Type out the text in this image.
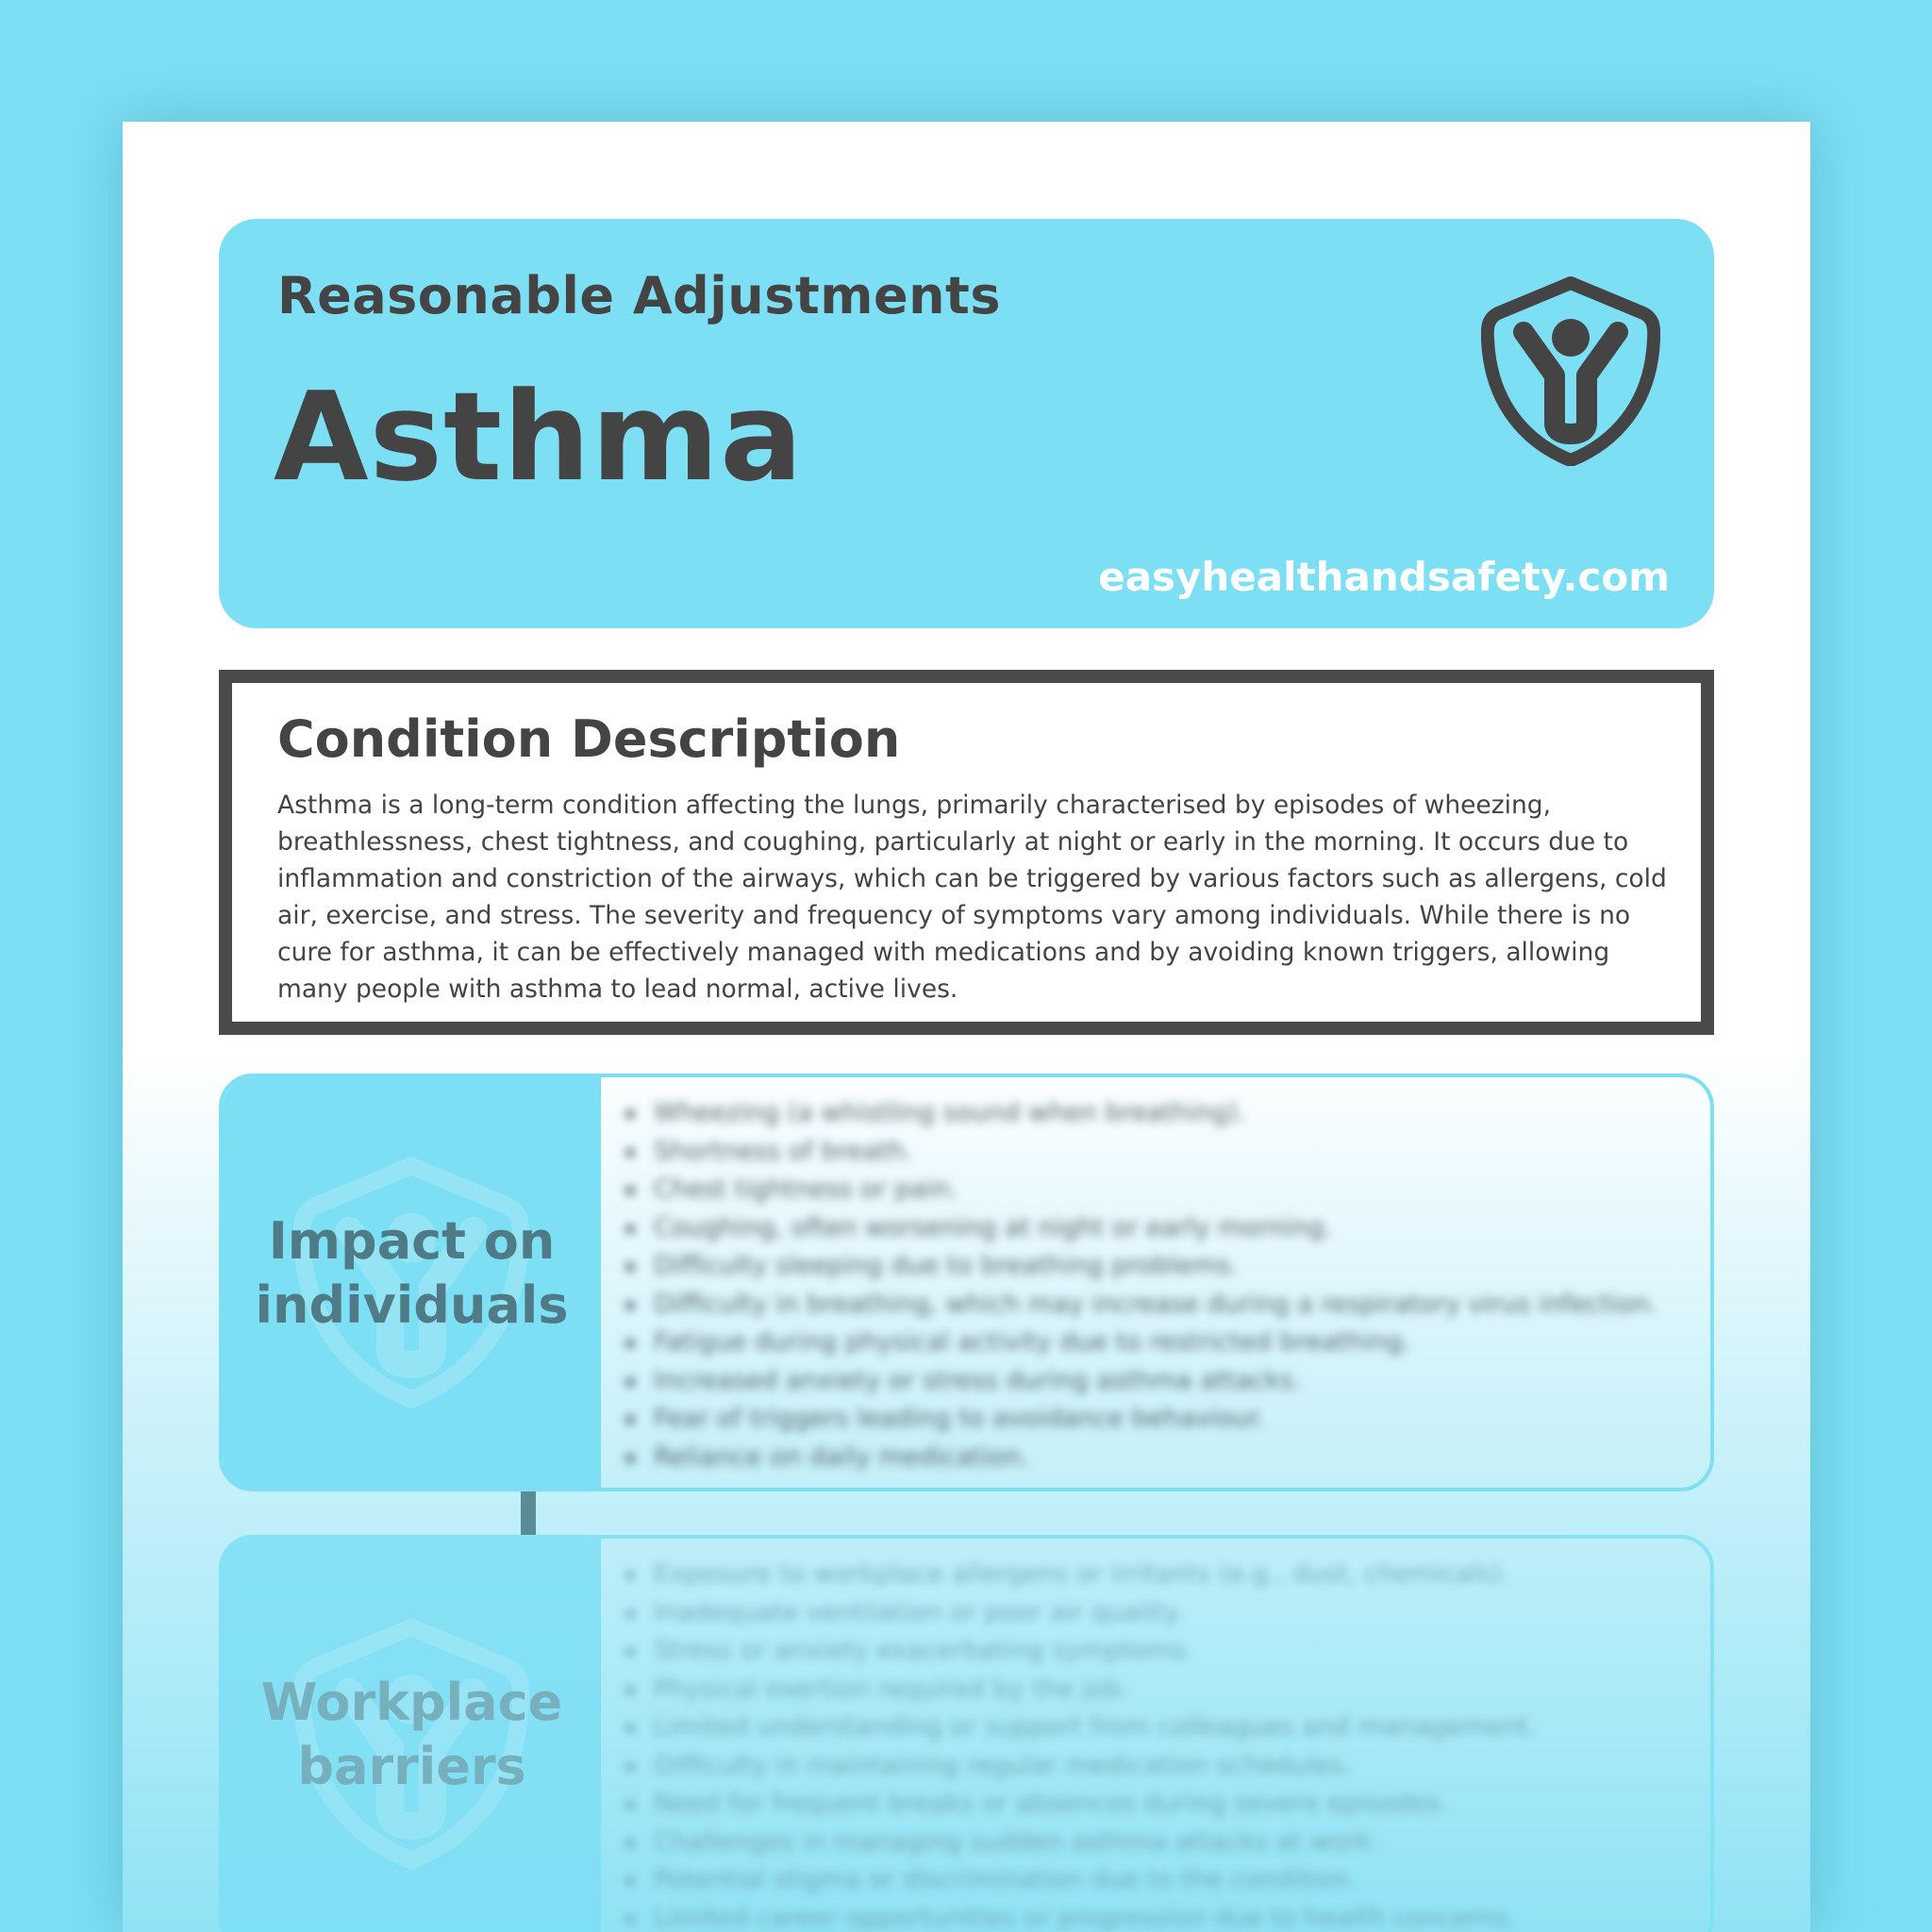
Reasonable Adjustments
Asthma
easyhealthandsafety.com
Condition Description
Asthma is a long-term condition affecting the lungs, primarily characterised by episodes of wheezing, breathlessness, chest tightness, and coughing, particularly at night or early in the morning. It occurs due to inflammation and constriction of the airways, which can be triggered by various factors such as allergens, cold air, exercise, and stress. The severity and frequency of symptoms vary among individuals. While there is no cure for asthma, it can be effectively managed with medications and by avoiding known triggers, allowing many people with asthma to lead normal, active lives.
Impact on individuals
Wheezing (a whistling sound when breathing).
Shortness of breath.
Chest tightness or pain.
Coughing, often worsening at night or early morning.
Difficulty sleeping due to breathing problems.
Difficulty in breathing, which may increase during a respiratory virus infection.
Fatigue during physical activity due to restricted breathing.
Increased anxiety or stress during asthma attacks.
Fear of triggers leading to avoidance behaviour.
Reliance on daily medication.
Workplace barriers
Exposure to workplace allergens or irritants (e.g., dust, chemicals).
Inadequate ventilation or poor air quality.
Stress or anxiety exacerbating symptoms.
Physical exertion required by the job.
Limited understanding or support from colleagues and management.
Difficulty in maintaining regular medication schedules.
Need for frequent breaks or absences during severe episodes.
Challenges in managing sudden asthma attacks at work.
Potential stigma or discrimination due to the condition.
Limited career opportunities or progression due to health concerns.
